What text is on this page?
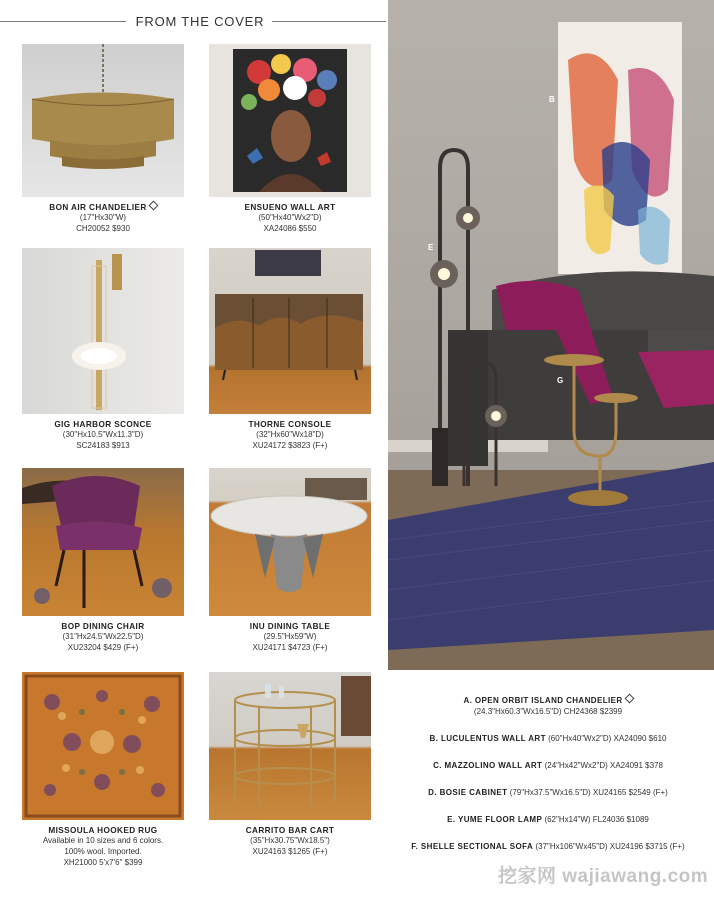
FROM THE COVER
BON AIR CHANDELIER
(17"Hx30"W)
CH20052 $930
ENSUENO WALL ART
(50"Hx40"Wx2"D)
XA24086 $550
GIG HARBOR SCONCE
(30"Hx10.5"Wx11.3"D)
SC24183 $913
THORNE CONSOLE
(32"Hx60"Wx18"D)
XU24172 $3823 (F+)
BOP DINING CHAIR
(31"Hx24.5"Wx22.5"D)
XU23204 $429 (F+)
INU DINING TABLE
(29.5"Hx59"W)
XU24171 $4723 (F+)
MISSOULA HOOKED RUG
Available in 10 sizes and 6 colors.
100% wool. Imported.
XH21000 5'x7'6" $399
CARRITO BAR CART
(35"Hx30.75"Wx18.5")
XU24163 $1265 (F+)
B
E
G
A. OPEN ORBIT ISLAND CHANDELIER
(24.3"Hx60.3"Wx16.5"D) CH24368 $2399
B. LUCULENTUS WALL ART (60"Hx40"Wx2"D) XA24090 $610
C. MAZZOLINO WALL ART (24"Hx42"Wx2"D) XA24091 $378
D. BOSIE CABINET (79"Hx37.5"Wx16.5"D) XU24165 $2549 (F+)
E. YUME FLOOR LAMP (62"Hx14"W) FL24036 $1089
F. SHELLE SECTIONAL SOFA (37"Hx106"Wx45"D) XU24196 $3715 (F+)
挖家网 wajiawang.com
